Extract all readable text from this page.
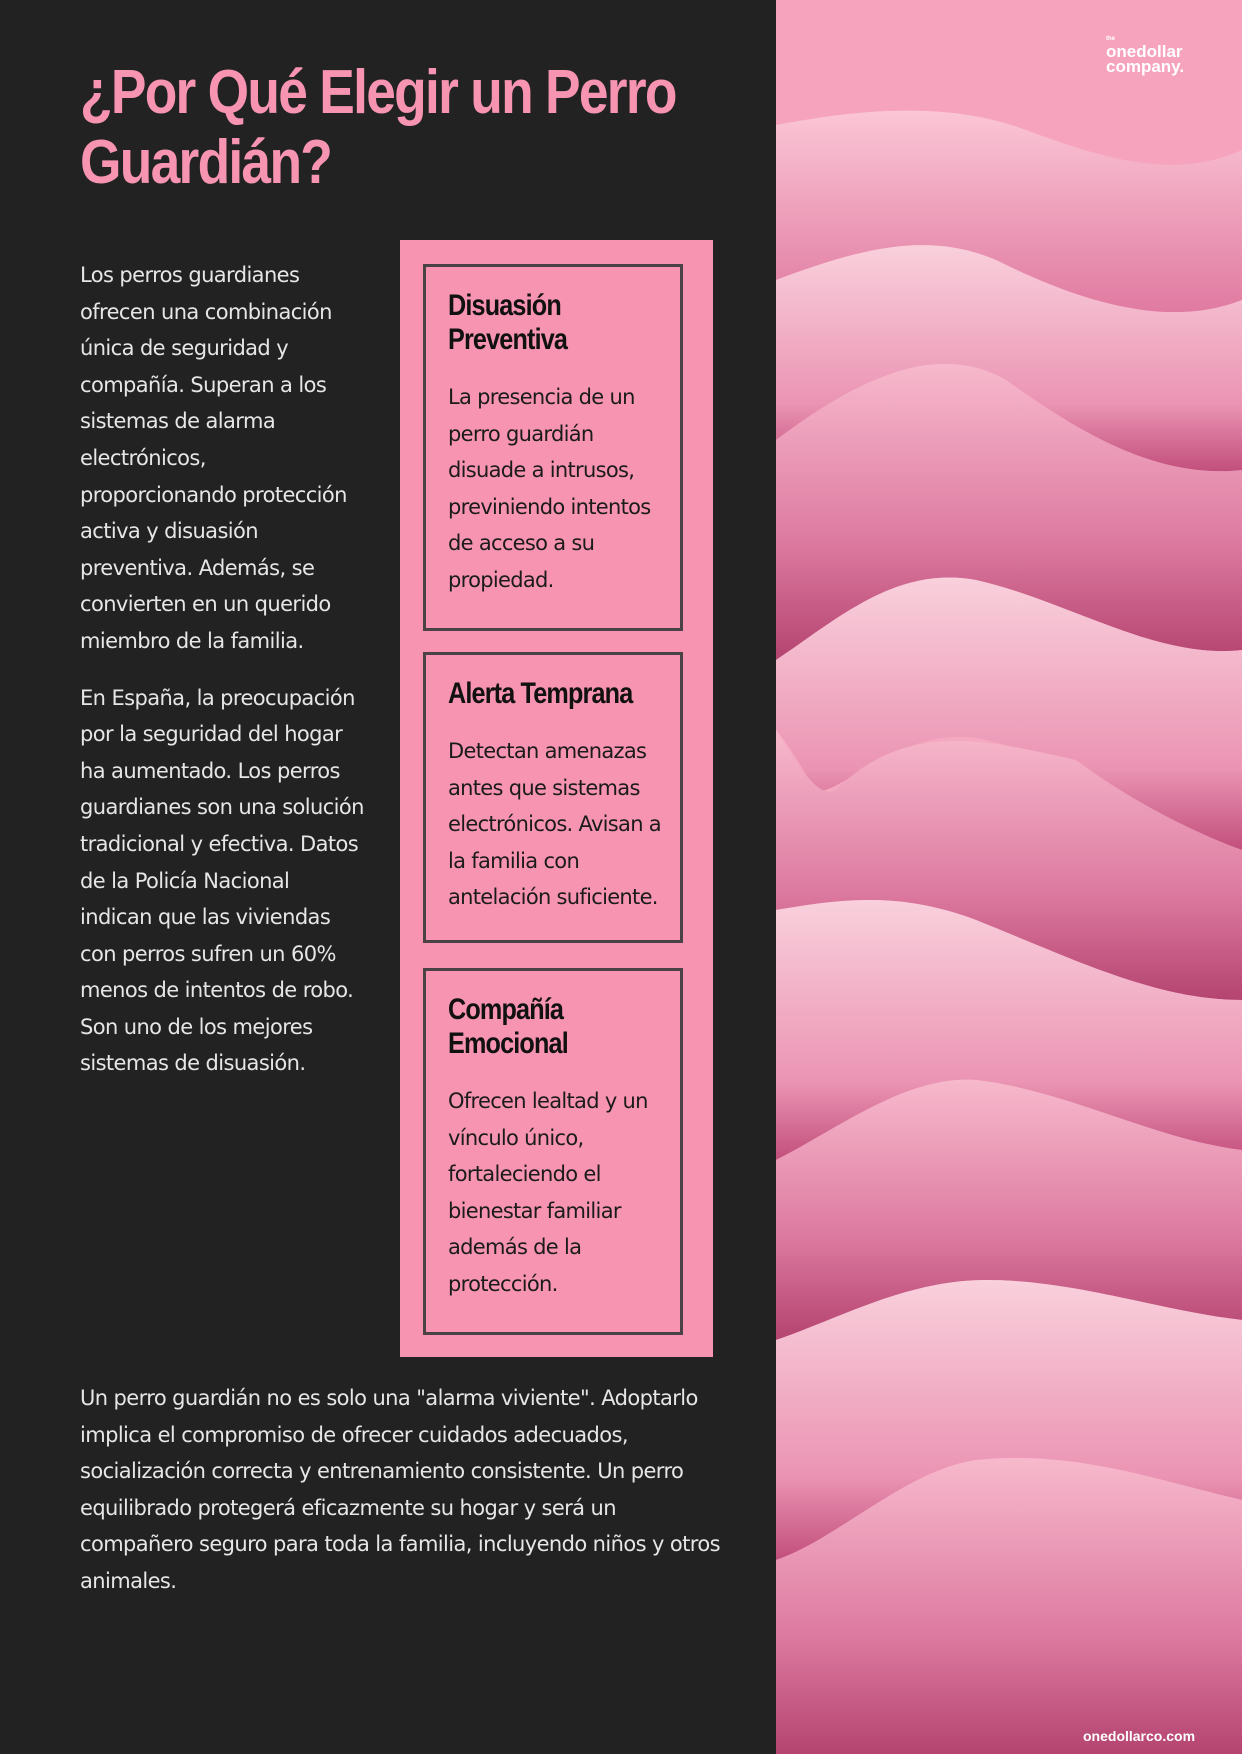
¿Por Qué Elegir un Perro
Guardián?

Los perros guardianes ofrecen una combinación única de seguridad y compañía. Superan a los sistemas de alarma electrónicos, proporcionando protección activa y disuasión preventiva. Además, se convierten en un querido miembro de la familia.

En España, la preocupación por la seguridad del hogar ha aumentado. Los perros guardianes son una solución tradicional y efectiva. Datos de la Policía Nacional indican que las viviendas con perros sufren un 60% menos de intentos de robo. Son uno de los mejores sistemas de disuasión.

Disuasión
Preventiva

La presencia de un perro guardián disuade a intrusos, previniendo intentos de acceso a su propiedad.

Alerta Temprana

Detectan amenazas antes que sistemas electrónicos. Avisan a la familia con antelación suficiente.

Compañía
Emocional

Ofrecen lealtad y un vínculo único, fortaleciendo el bienestar familiar además de la protección.

Un perro guardián no es solo una "alarma viviente". Adoptarlo implica el compromiso de ofrecer cuidados adecuados, socialización correcta y entrenamiento consistente. Un perro equilibrado protegerá eficazmente su hogar y será un compañero seguro para toda la familia, incluyendo niños y otros animales.

the
onedollar
company.
onedollarco.com
